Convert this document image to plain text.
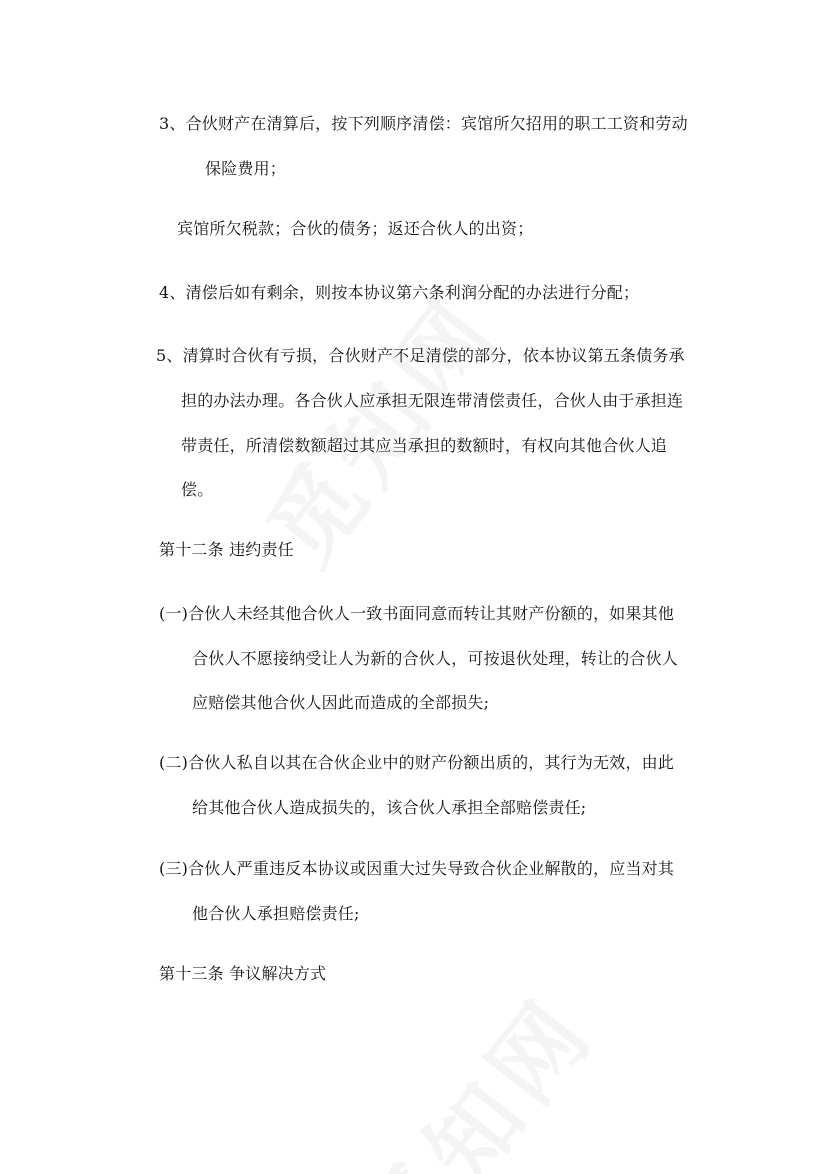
3、合伙财产在清算后，按下列顺序清偿：宾馆所欠招用的职工工资和劳动
保险费用；
宾馆所欠税款；合伙的债务；返还合伙人的出资；
4、清偿后如有剩余，则按本协议第六条利润分配的办法进行分配；
5、清算时合伙有亏损，合伙财产不足清偿的部分，依本协议第五条债务承
担的办法办理。各合伙人应承担无限连带清偿责任，合伙人由于承担连
带责任，所清偿数额超过其应当承担的数额时，有权向其他合伙人追
偿。
第十二条 违约责任
(一)合伙人未经其他合伙人一致书面同意而转让其财产份额的，如果其他
合伙人不愿接纳受让人为新的合伙人，可按退伙处理，转让的合伙人
应赔偿其他合伙人因此而造成的全部损失;
(二)合伙人私自以其在合伙企业中的财产份额出质的，其行为无效，由此
给其他合伙人造成损失的，该合伙人承担全部赔偿责任;
(三)合伙人严重违反本协议或因重大过失导致合伙企业解散的，应当对其
他合伙人承担赔偿责任;
第十三条 争议解决方式
